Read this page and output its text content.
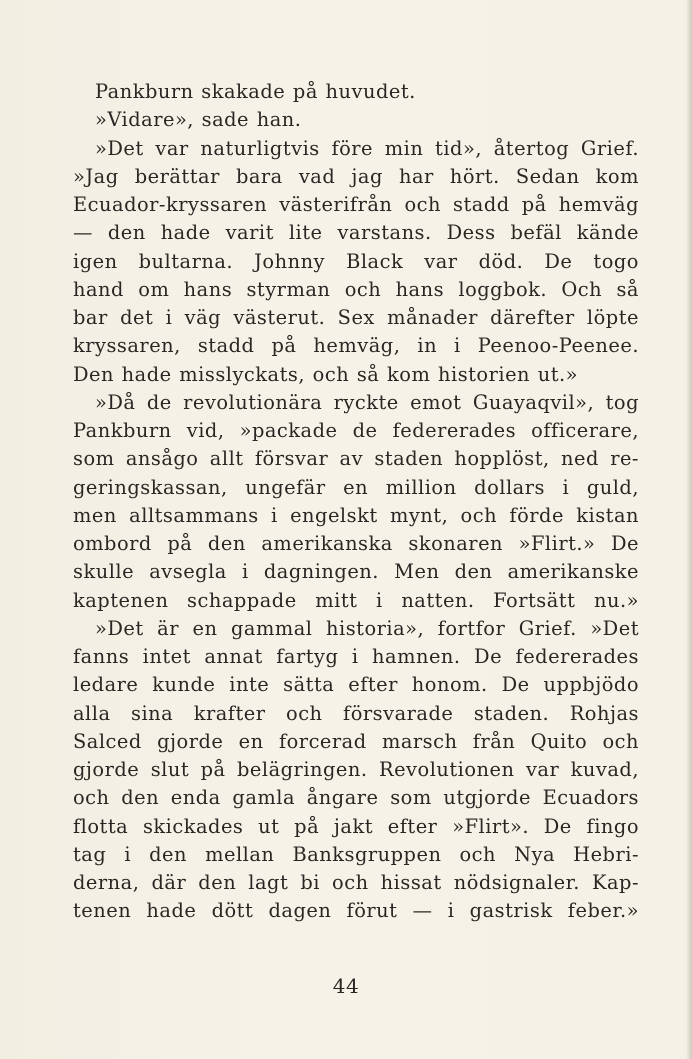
Pankburn skakade på huvudet.
»Vidare», sade han.
»Det var naturligtvis före min tid», återtog Grief.
»Jag berättar bara vad jag har hört. Sedan kom
Ecuador-kryssaren västerifrån och stadd på hemväg
— den hade varit lite varstans. Dess befäl kände
igen bultarna. Johnny Black var död. De togo
hand om hans styrman och hans loggbok. Och så
bar det i väg västerut. Sex månader därefter löpte
kryssaren, stadd på hemväg, in i Peenoo-Peenee.
Den hade misslyckats, och så kom historien ut.»
»Då de revolutionära ryckte emot Guayaqvil», tog
Pankburn vid, »packade de federerades officerare,
som ansågo allt försvar av staden hopplöst, ned re-
geringskassan, ungefär en million dollars i guld,
men alltsammans i engelskt mynt, och förde kistan
ombord på den amerikanska skonaren »Flirt.» De
skulle avsegla i dagningen. Men den amerikanske
kaptenen schappade mitt i natten. Fortsätt nu.»
»Det är en gammal historia», fortfor Grief. »Det
fanns intet annat fartyg i hamnen. De federerades
ledare kunde inte sätta efter honom. De uppbjödo
alla sina krafter och försvarade staden. Rohjas
Salced gjorde en forcerad marsch från Quito och
gjorde slut på belägringen. Revolutionen var kuvad,
och den enda gamla ångare som utgjorde Ecuadors
flotta skickades ut på jakt efter »Flirt». De fingo
tag i den mellan Banksgruppen och Nya Hebri-
derna, där den lagt bi och hissat nödsignaler. Kap-
tenen hade dött dagen förut — i gastrisk feber.»
44
